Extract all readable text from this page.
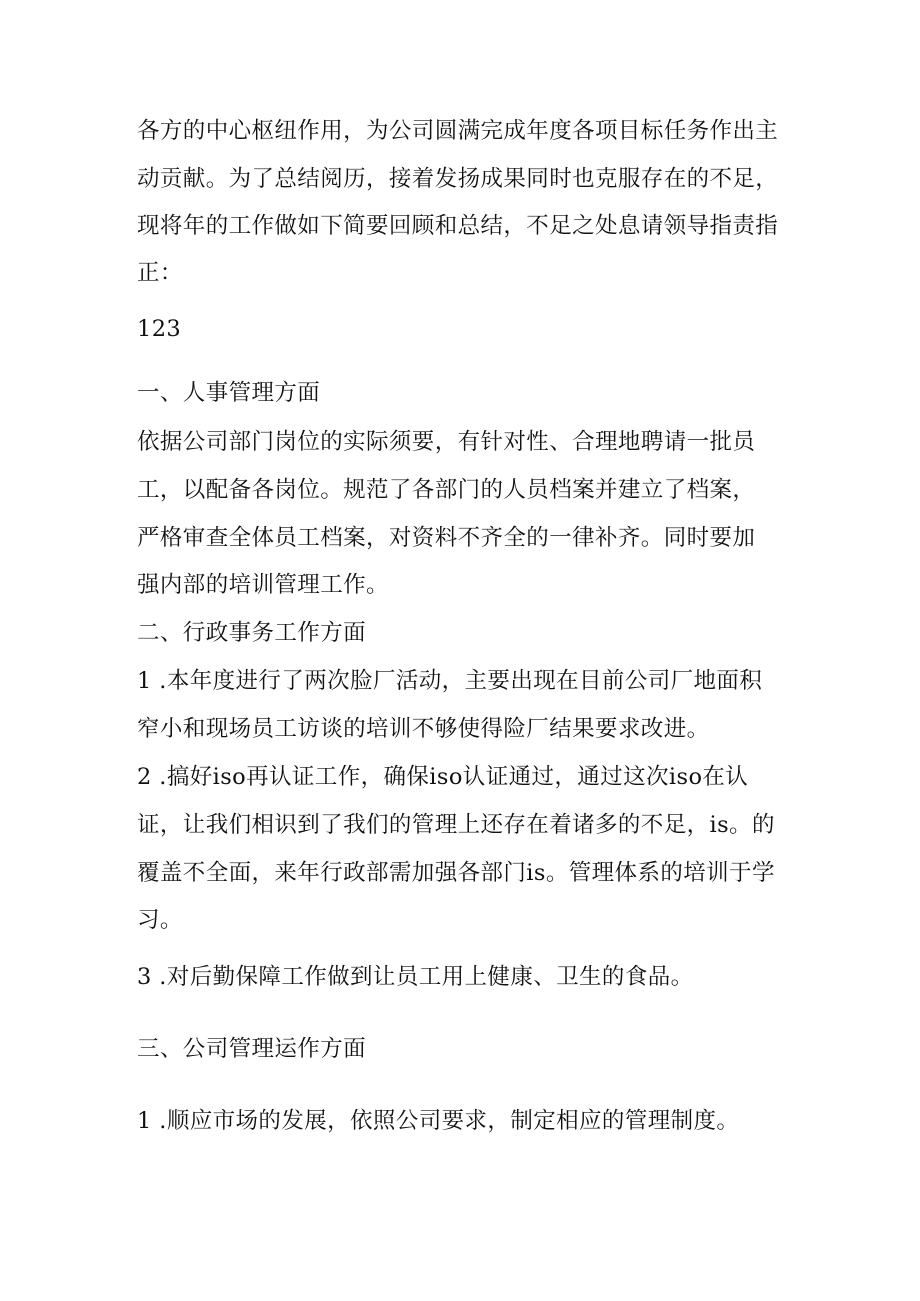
各方的中心枢纽作用，为公司圆满完成年度各项目标任务作出主
动贡献。为了总结阅历，接着发扬成果同时也克服存在的不足，
现将年的工作做如下简要回顾和总结，不足之处息请领导指责指
正：
123
一、人事管理方面
依据公司部门岗位的实际须要，有针对性、合理地聘请一批员
工，以配备各岗位。规范了各部门的人员档案并建立了档案，
严格审查全体员工档案，对资料不齐全的一律补齐。同时要加
强内部的培训管理工作。
二、行政事务工作方面
1 .本年度进行了两次脸厂活动，主要出现在目前公司厂地面积
窄小和现场员工访谈的培训不够使得险厂结果要求改进。
2 .搞好iso再认证工作，确保iso认证通过，通过这次iso在认
证，让我们相识到了我们的管理上还存在着诸多的不足，is。的
覆盖不全面，来年行政部需加强各部门is。管理体系的培训于学
习。
3 .对后勤保障工作做到让员工用上健康、卫生的食品。
三、公司管理运作方面
1 .顺应市场的发展，依照公司要求，制定相应的管理制度。
